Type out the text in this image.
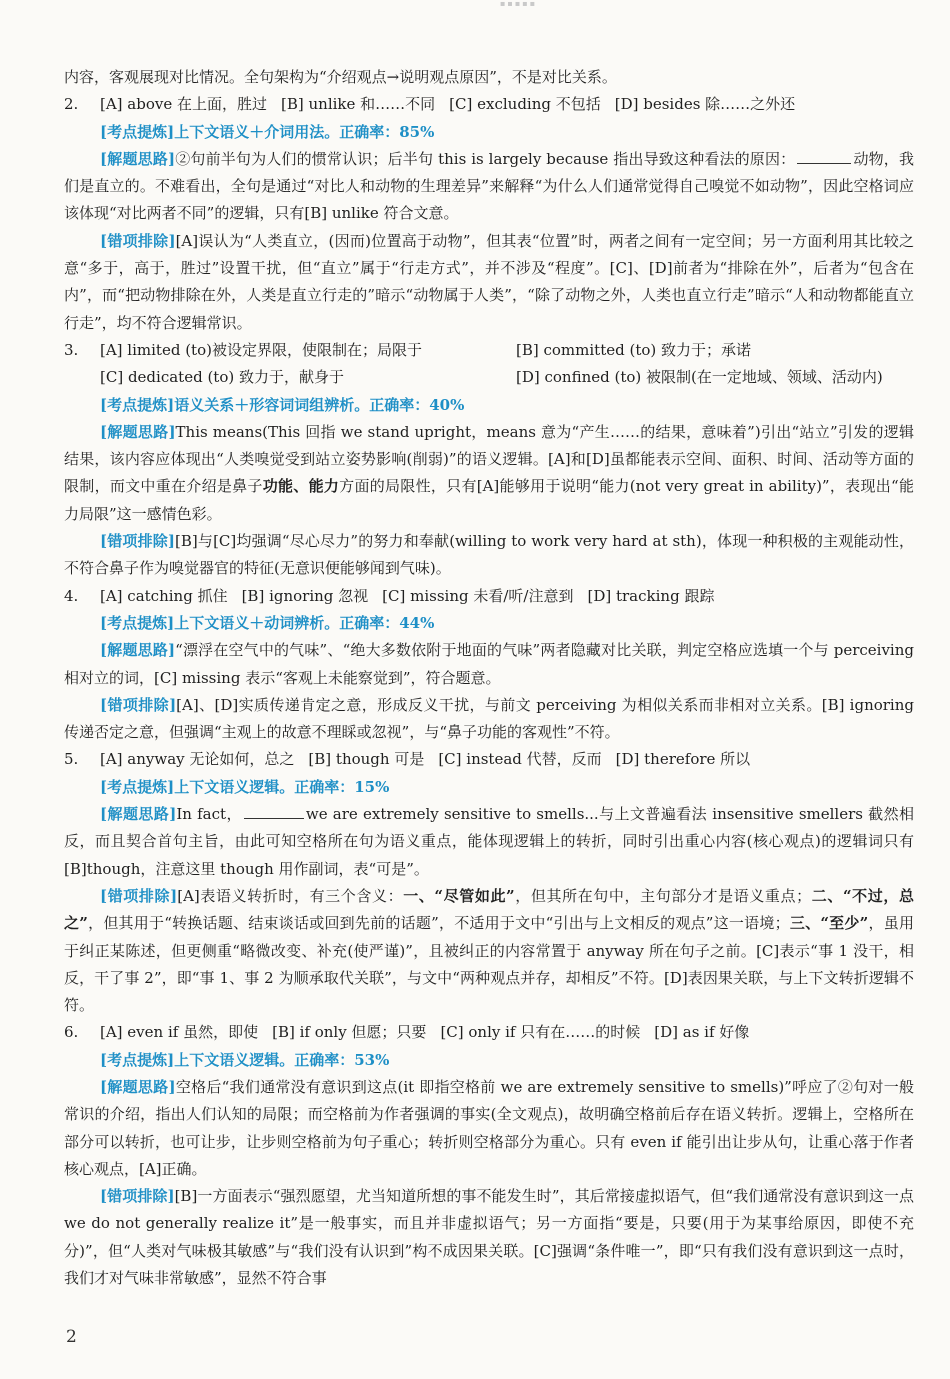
▪▪▪▪▪

内容，客观展现对比情况。全句架构为“介绍观点→说明观点原因”，不是对比关系。

2.	[A] above 在上面，胜过 [B] unlike 和……不同 [C] excluding 不包括 [D] besides 除……之外还

[考点提炼]上下文语义＋介词用法。正确率：85%

[解题思路]②句前半句为人们的惯常认识；后半句 this is largely because 指出导致这种看法的原因：	动物，我们是直立的。不难看出，全句是通过“对比人和动物的生理差异”来解释“为什么人们通常觉得自己嗅觉不如动物”，因此空格词应该体现“对比两者不同”的逻辑，只有[B] unlike 符合文意。

[错项排除][A]误认为“人类直立，(因而)位置高于动物”，但其表“位置”时，两者之间有一定空间；另一方面利用其比较之意“多于，高于，胜过”设置干扰，但“直立”属于“行走方式”，并不涉及“程度”。[C]、[D]前者为“排除在外”，后者为“包含在内”，而“把动物排除在外，人类是直立行走的”暗示“动物属于人类”，“除了动物之外，人类也直立行走”暗示“人和动物都能直立行走”，均不符合逻辑常识。

3.	[A] limited (to)被设定界限，使限制在；局限于	[B] committed (to) 致力于；承诺
[C] dedicated (to) 致力于，献身于	[D] confined (to) 被限制(在一定地域、领域、活动内)

[考点提炼]语义关系＋形容词词组辨析。正确率：40%

[解题思路]This means(This 回指 we stand upright，means 意为“产生……的结果，意味着”)引出“站立”引发的逻辑结果，该内容应体现出“人类嗅觉受到站立姿势影响(削弱)”的语义逻辑。[A]和[D]虽都能表示空间、面积、时间、活动等方面的限制，而文中重在介绍是鼻子功能、能力方面的局限性，只有[A]能够用于说明“能力(not very great in ability)”，表现出“能力局限”这一感情色彩。

[错项排除][B]与[C]均强调“尽心尽力”的努力和奉献(willing to work very hard at sth)，体现一种积极的主观能动性，不符合鼻子作为嗅觉器官的特征(无意识便能够闻到气味)。

4.	[A] catching 抓住 [B] ignoring 忽视 [C] missing 未看/听/注意到 [D] tracking 跟踪

[考点提炼]上下文语义＋动词辨析。正确率：44%

[解题思路]“漂浮在空气中的气味”、“绝大多数依附于地面的气味”两者隐藏对比关联，判定空格应选填一个与 perceiving 相对立的词，[C] missing 表示“客观上未能察觉到”，符合题意。

[错项排除][A]、[D]实质传递肯定之意，形成反义干扰，与前文 perceiving 为相似关系而非相对立关系。[B] ignoring 传递否定之意，但强调“主观上的故意不理睬或忽视”，与“鼻子功能的客观性”不符。

5.	[A] anyway 无论如何，总之 [B] though 可是 [C] instead 代替，反而 [D] therefore 所以

[考点提炼]上下文语义逻辑。正确率：15%

[解题思路]In fact，	we are extremely sensitive to smells...与上文普遍看法 insensitive smellers 截然相反，而且契合首句主旨，由此可知空格所在句为语义重点，能体现逻辑上的转折，同时引出重心内容(核心观点)的逻辑词只有[B]though，注意这里 though 用作副词，表“可是”。

[错项排除][A]表语义转折时，有三个含义：一、“尽管如此”，但其所在句中，主句部分才是语义重点；二、“不过，总之”，但其用于“转换话题、结束谈话或回到先前的话题”，不适用于文中“引出与上文相反的观点”这一语境；三、“至少”，虽用于纠正某陈述，但更侧重“略微改变、补充(使严谨)”，且被纠正的内容常置于 anyway 所在句子之前。[C]表示“事 1 没干，相反，干了事 2”，即“事 1、事 2 为顺承取代关联”，与文中“两种观点并存，却相反”不符。[D]表因果关联，与上下文转折逻辑不符。

6.	[A] even if 虽然，即使 [B] if only 但愿；只要 [C] only if 只有在……的时候 [D] as if 好像

[考点提炼]上下文语义逻辑。正确率：53%

[解题思路]空格后“我们通常没有意识到这点(it 即指空格前 we are extremely sensitive to smells)”呼应了②句对一般常识的介绍，指出人们认知的局限；而空格前为作者强调的事实(全文观点)，故明确空格前后存在语义转折。逻辑上，空格所在部分可以转折，也可让步，让步则空格前为句子重心；转折则空格部分为重心。只有 even if 能引出让步从句，让重心落于作者核心观点，[A]正确。

[错项排除][B]一方面表示“强烈愿望，尤当知道所想的事不能发生时”，其后常接虚拟语气，但“我们通常没有意识到这一点 we do not generally realize it”是一般事实，而且并非虚拟语气；另一方面指“要是，只要(用于为某事给原因，即使不充分)”，但“人类对气味极其敏感”与“我们没有认识到”构不成因果关联。[C]强调“条件唯一”，即“只有我们没有意识到这一点时，我们才对气味非常敏感”，显然不符合事

2
